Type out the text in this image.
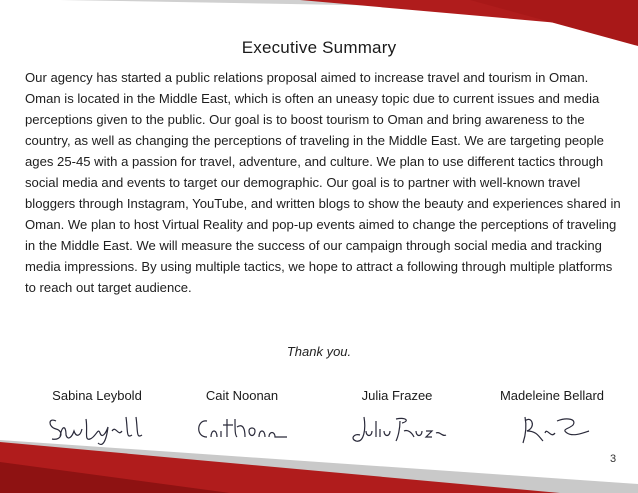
Executive Summary
Our agency has started a public relations proposal aimed to increase travel and tourism in Oman. Oman is located in the Middle East, which is often an uneasy topic due to current issues and media perceptions given to the public. Our goal is to boost tourism to Oman and bring awareness to the country, as well as changing the perceptions of traveling in the Middle East. We are targeting people ages 25-45 with a passion for travel, adventure, and culture. We plan to use different tactics through social media and events to target our demographic. Our goal is to partner with well-known travel bloggers through Instagram, YouTube, and written blogs to show the beauty and experiences shared in Oman. We plan to host Virtual Reality and pop-up events aimed to change the perceptions of traveling in the Middle East. We will measure the success of our campaign through social media and tracking media impressions. By using multiple tactics, we hope to attract a following through multiple platforms to reach out target audience.
Thank you.
Sabina Leybold	Cait Noonan	Julia Frazee	Madeleine Bellard
3
